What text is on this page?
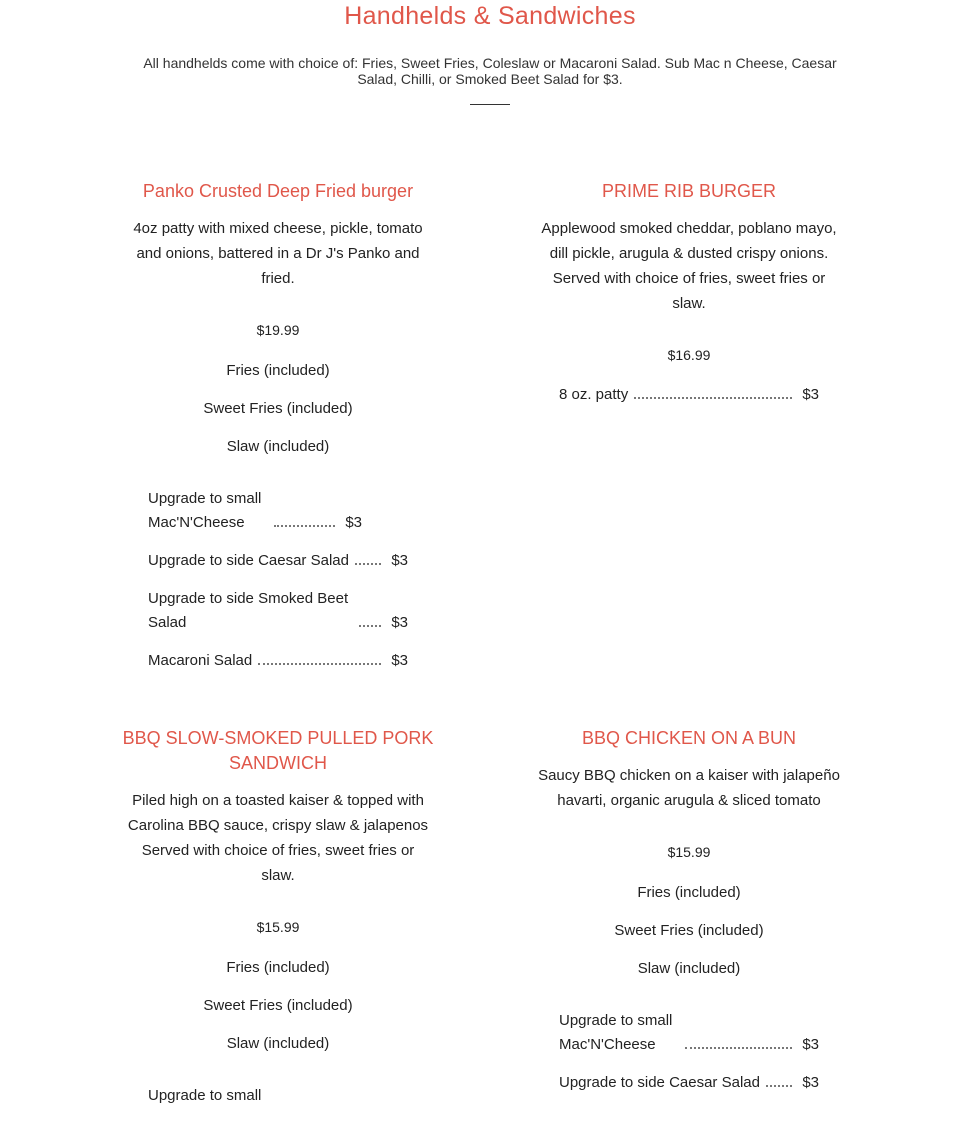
Handhelds & Sandwiches
All handhelds come with choice of: Fries, Sweet Fries, Coleslaw or Macaroni Salad. Sub Mac n Cheese, Caesar Salad, Chilli, or Smoked Beet Salad for $3.
Panko Crusted Deep Fried burger
4oz patty with mixed cheese, pickle, tomato and onions, battered in a Dr J's Panko and fried.
$19.99
Fries (included)
Sweet Fries (included)
Slaw (included)
Upgrade to small Mac'N'Cheese	$3
Upgrade to side Caesar Salad	$3
Upgrade to side Smoked Beet Salad	$3
Macaroni Salad	$3
PRIME RIB BURGER
Applewood smoked cheddar, poblano mayo, dill pickle, arugula & dusted crispy onions. Served with choice of fries, sweet fries or slaw.
$16.99
8 oz. patty	$3
BBQ SLOW-SMOKED PULLED PORK SANDWICH
Piled high on a toasted kaiser & topped with Carolina BBQ sauce, crispy slaw & jalapenos Served with choice of fries, sweet fries or slaw.
$15.99
Fries (included)
Sweet Fries (included)
Slaw (included)
Upgrade to small
BBQ CHICKEN ON A BUN
Saucy BBQ chicken on a kaiser with jalapeño havarti, organic arugula & sliced tomato
$15.99
Fries (included)
Sweet Fries (included)
Slaw (included)
Upgrade to small Mac'N'Cheese	$3
Upgrade to side Caesar Salad	$3
